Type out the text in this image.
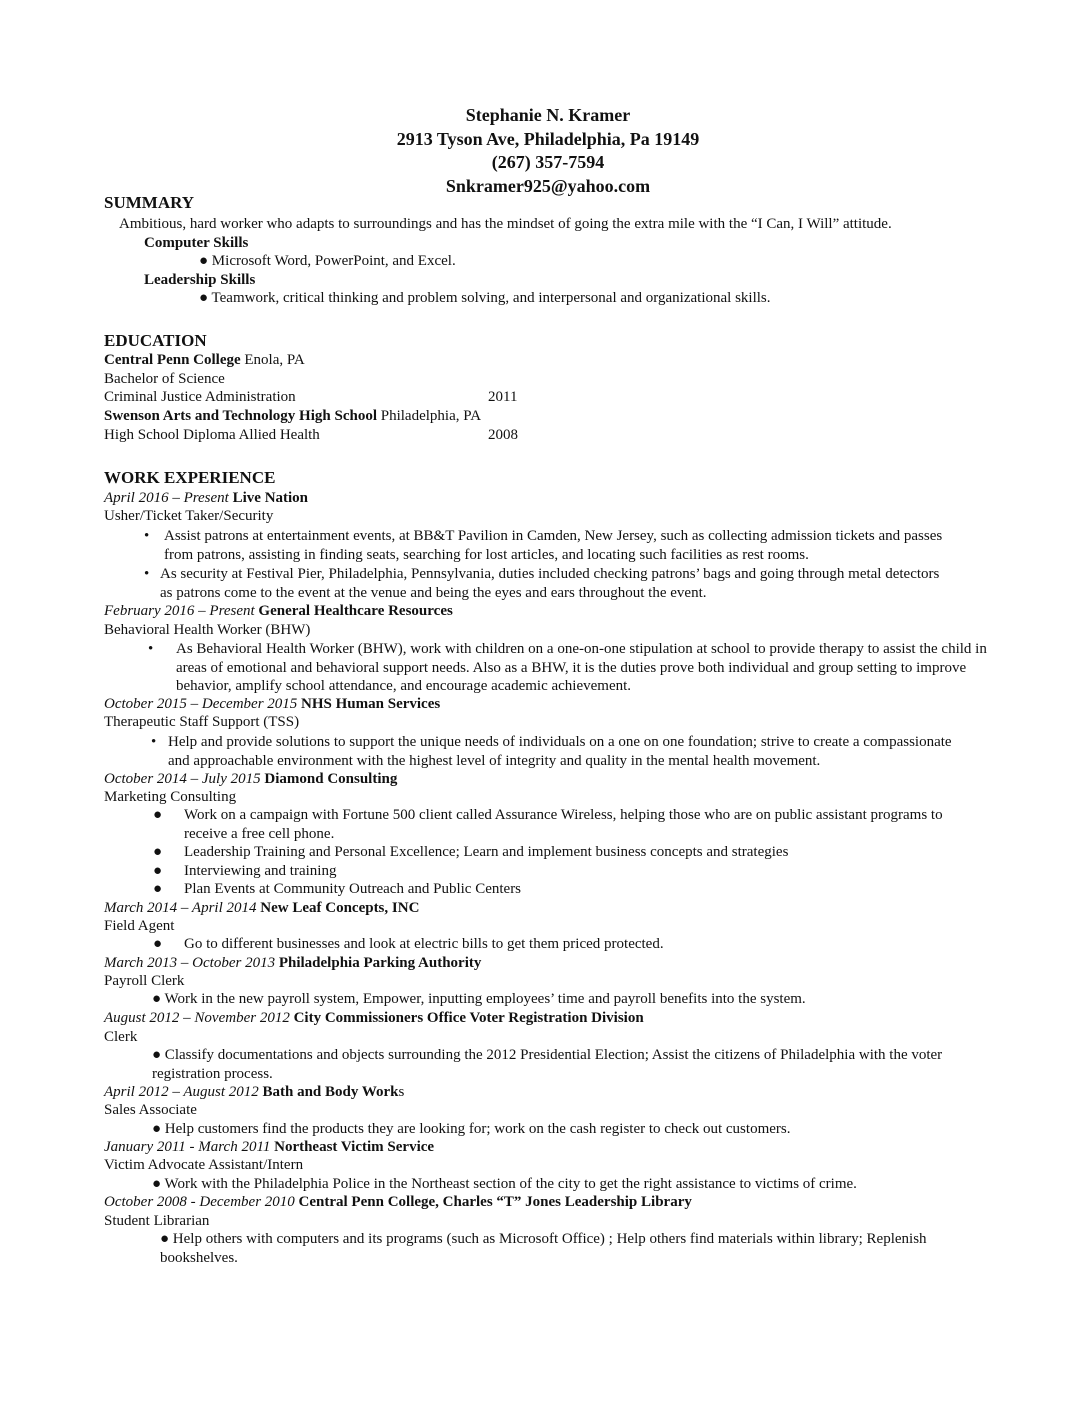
Stephanie N. Kramer
2913 Tyson Ave, Philadelphia, Pa 19149
(267) 357-7594
Snkramer925@yahoo.com
SUMMARY
Ambitious, hard worker who adapts to surroundings and has the mindset of going the extra mile with the “I Can, I Will” attitude.
Computer Skills
● Microsoft Word, PowerPoint, and Excel.
Leadership Skills
● Teamwork, critical thinking and problem solving, and interpersonal and organizational skills.
EDUCATION
Central Penn College Enola, PA
Bachelor of Science
Criminal Justice Administration	2011
Swenson Arts and Technology High School Philadelphia, PA
High School Diploma Allied Health	2008
WORK EXPERIENCE
April 2016 – Present Live Nation
Usher/Ticket Taker/Security
• Assist patrons at entertainment events, at BB&T Pavilion in Camden, New Jersey, such as collecting admission tickets and passes from patrons, assisting in finding seats, searching for lost articles, and locating such facilities as rest rooms.
• As security at Festival Pier, Philadelphia, Pennsylvania, duties included checking patrons’ bags and going through metal detectors as patrons come to the event at the venue and being the eyes and ears throughout the event.
February 2016 – Present General Healthcare Resources
Behavioral Health Worker (BHW)
• As Behavioral Health Worker (BHW), work with children on a one-on-one stipulation at school to provide therapy to assist the child in areas of emotional and behavioral support needs. Also as a BHW, it is the duties prove both individual and group setting to improve behavior, amplify school attendance, and encourage academic achievement.
October 2015 – December 2015 NHS Human Services
Therapeutic Staff Support (TSS)
• Help and provide solutions to support the unique needs of individuals on a one on one foundation; strive to create a compassionate and approachable environment with the highest level of integrity and quality in the mental health movement.
October 2014 – July 2015 Diamond Consulting
Marketing Consulting
● Work on a campaign with Fortune 500 client called Assurance Wireless, helping those who are on public assistant programs to receive a free cell phone.
● Leadership Training and Personal Excellence; Learn and implement business concepts and strategies
● Interviewing and training
● Plan Events at Community Outreach and Public Centers
March 2014 – April 2014 New Leaf Concepts, INC
Field Agent
● Go to different businesses and look at electric bills to get them priced protected.
March 2013 – October 2013 Philadelphia Parking Authority
Payroll Clerk
● Work in the new payroll system, Empower, inputting employees’ time and payroll benefits into the system.
August 2012 – November 2012 City Commissioners Office Voter Registration Division
Clerk
● Classify documentations and objects surrounding the 2012 Presidential Election; Assist the citizens of Philadelphia with the voter registration process.
April 2012 – August 2012 Bath and Body Works
Sales Associate
● Help customers find the products they are looking for; work on the cash register to check out customers.
January 2011 - March 2011 Northeast Victim Service
Victim Advocate Assistant/Intern
● Work with the Philadelphia Police in the Northeast section of the city to get the right assistance to victims of crime.
October 2008 - December 2010 Central Penn College, Charles “T” Jones Leadership Library
Student Librarian
● Help others with computers and its programs (such as Microsoft Office) ; Help others find materials within library; Replenish bookshelves.
